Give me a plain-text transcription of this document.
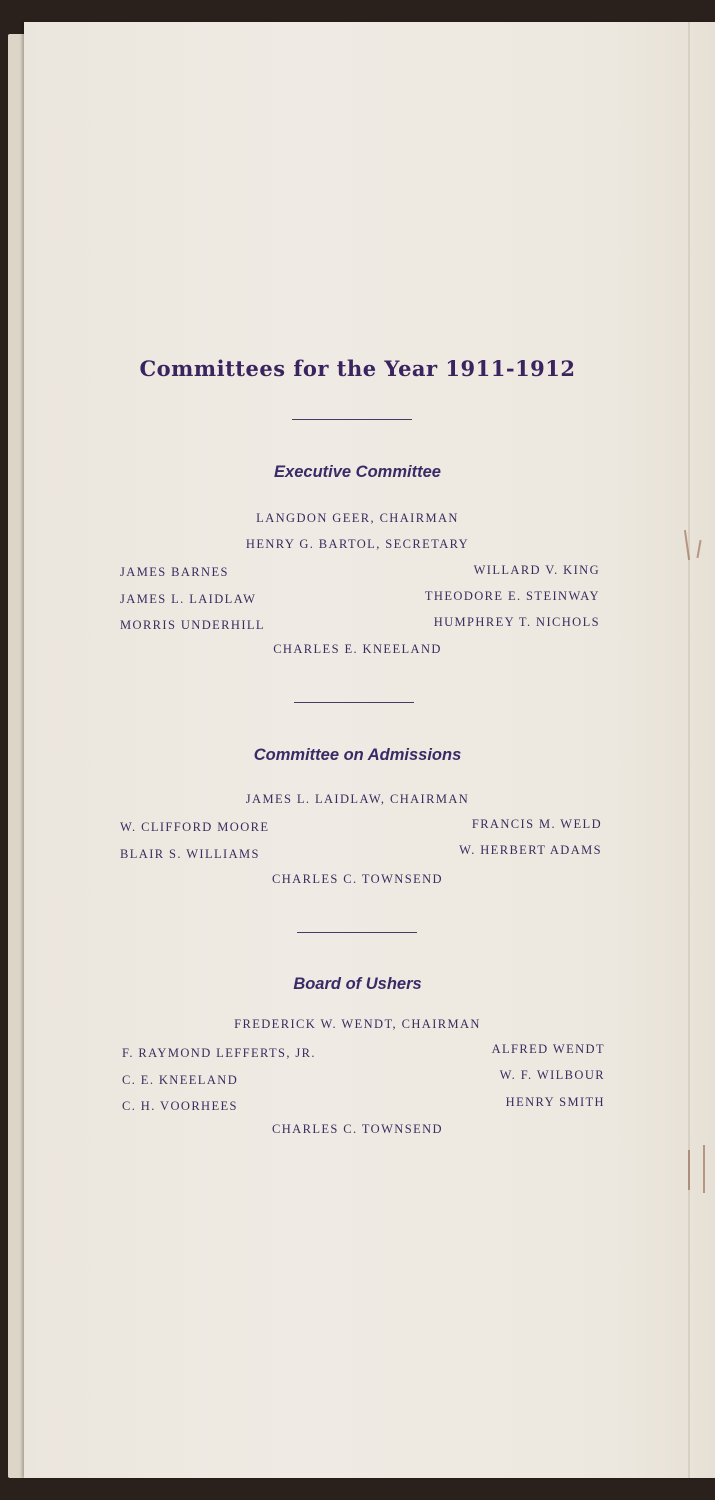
Committees for the Year 1911-1912
Executive Committee
LANGDON GEER, CHAIRMAN
HENRY G. BARTOL, SECRETARY
JAMES BARNES	WILLARD V. KING
JAMES L. LAIDLAW	THEODORE E. STEINWAY
MORRIS UNDERHILL	HUMPHREY T. NICHOLS
CHARLES E. KNEELAND
Committee on Admissions
JAMES L. LAIDLAW, CHAIRMAN
W. CLIFFORD MOORE	FRANCIS M. WELD
BLAIR S. WILLIAMS	W. HERBERT ADAMS
CHARLES C. TOWNSEND
Board of Ushers
FREDERICK W. WENDT, CHAIRMAN
F. RAYMOND LEFFERTS, JR.	ALFRED WENDT
C. E. KNEELAND	W. F. WILBOUR
C. H. VOORHEES	HENRY SMITH
CHARLES C. TOWNSEND
